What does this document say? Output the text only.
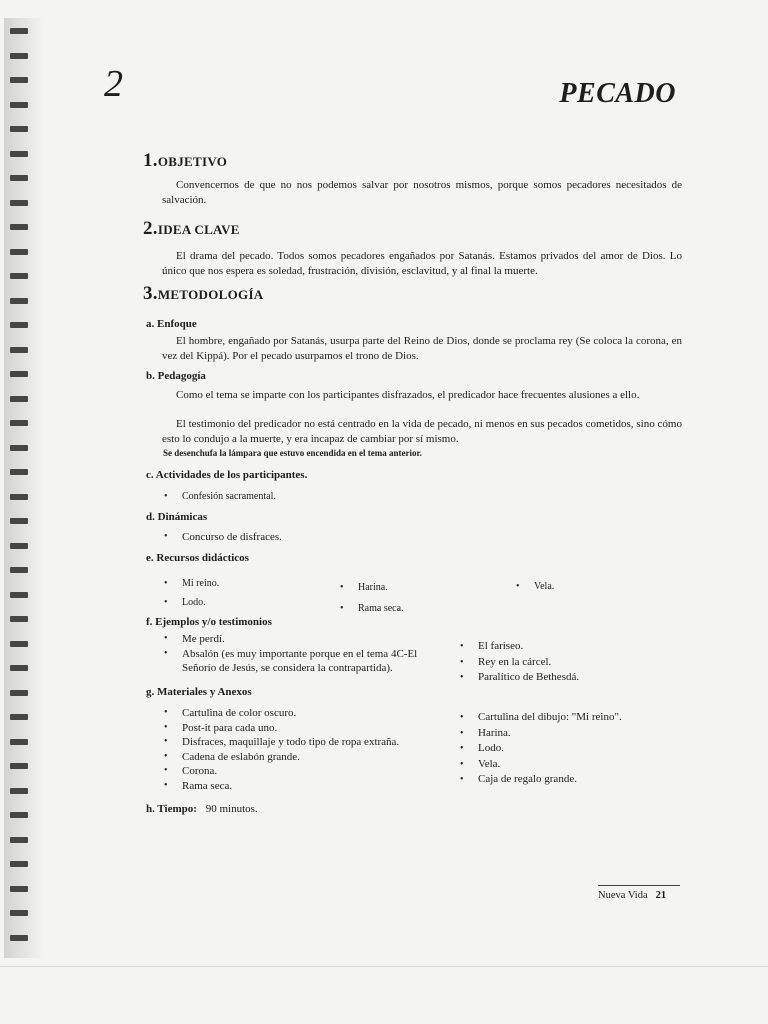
2	PECADO
1.OBJETIVO
Convencernos de que no nos podemos salvar por nosotros mismos, porque somos pecadores necesitados de salvación.
2.IDEA CLAVE
El drama del pecado. Todos somos pecadores engañados por Satanás. Estamos privados del amor de Dios. Lo único que nos espera es soledad, frustración, división, esclavitud, y al final la muerte.
3.METODOLOGÍA
a. Enfoque
El hombre, engañado por Satanás, usurpa parte del Reino de Dios, donde se proclama rey (Se coloca la corona, en vez del Kippá). Por el pecado usurpamos el trono de Dios.
b. Pedagogía
Como el tema se imparte con los participantes disfrazados, el predicador hace frecuentes alusiones a ello.
El testimonio del predicador no está centrado en la vida de pecado, ni menos en sus pecados cometidos, sino cómo esto lo condujo a la muerte, y era incapaz de cambiar por sí mismo.
Se desenchufa la lámpara que estuvo encendida en el tema anterior.
c. Actividades de los participantes.
• Confesión sacramental.
d. Dinámicas
• Concurso de disfraces.
e. Recursos didácticos
• Mi reino.
• Lodo.
• Harina.
• Rama seca.
• Vela.
f. Ejemplos y/o testimonios
• Me perdí.
• Absalón (es muy importante porque en el tema 4C-El Señorío de Jesús, se considera la contrapartida).
• El fariseo.
• Rey en la cárcel.
• Paralítico de Bethesdá.
g. Materiales y Anexos
• Cartulina de color oscuro.
• Post-it para cada uno.
• Disfraces, maquillaje y todo tipo de ropa extraña.
• Cadena de eslabón grande.
• Corona.
• Rama seca.
• Cartulina del dibujo: "Mi reino".
• Harina.
• Lodo.
• Vela.
• Caja de regalo grande.
h. Tiempo: 90 minutos.
Nueva Vida 21
